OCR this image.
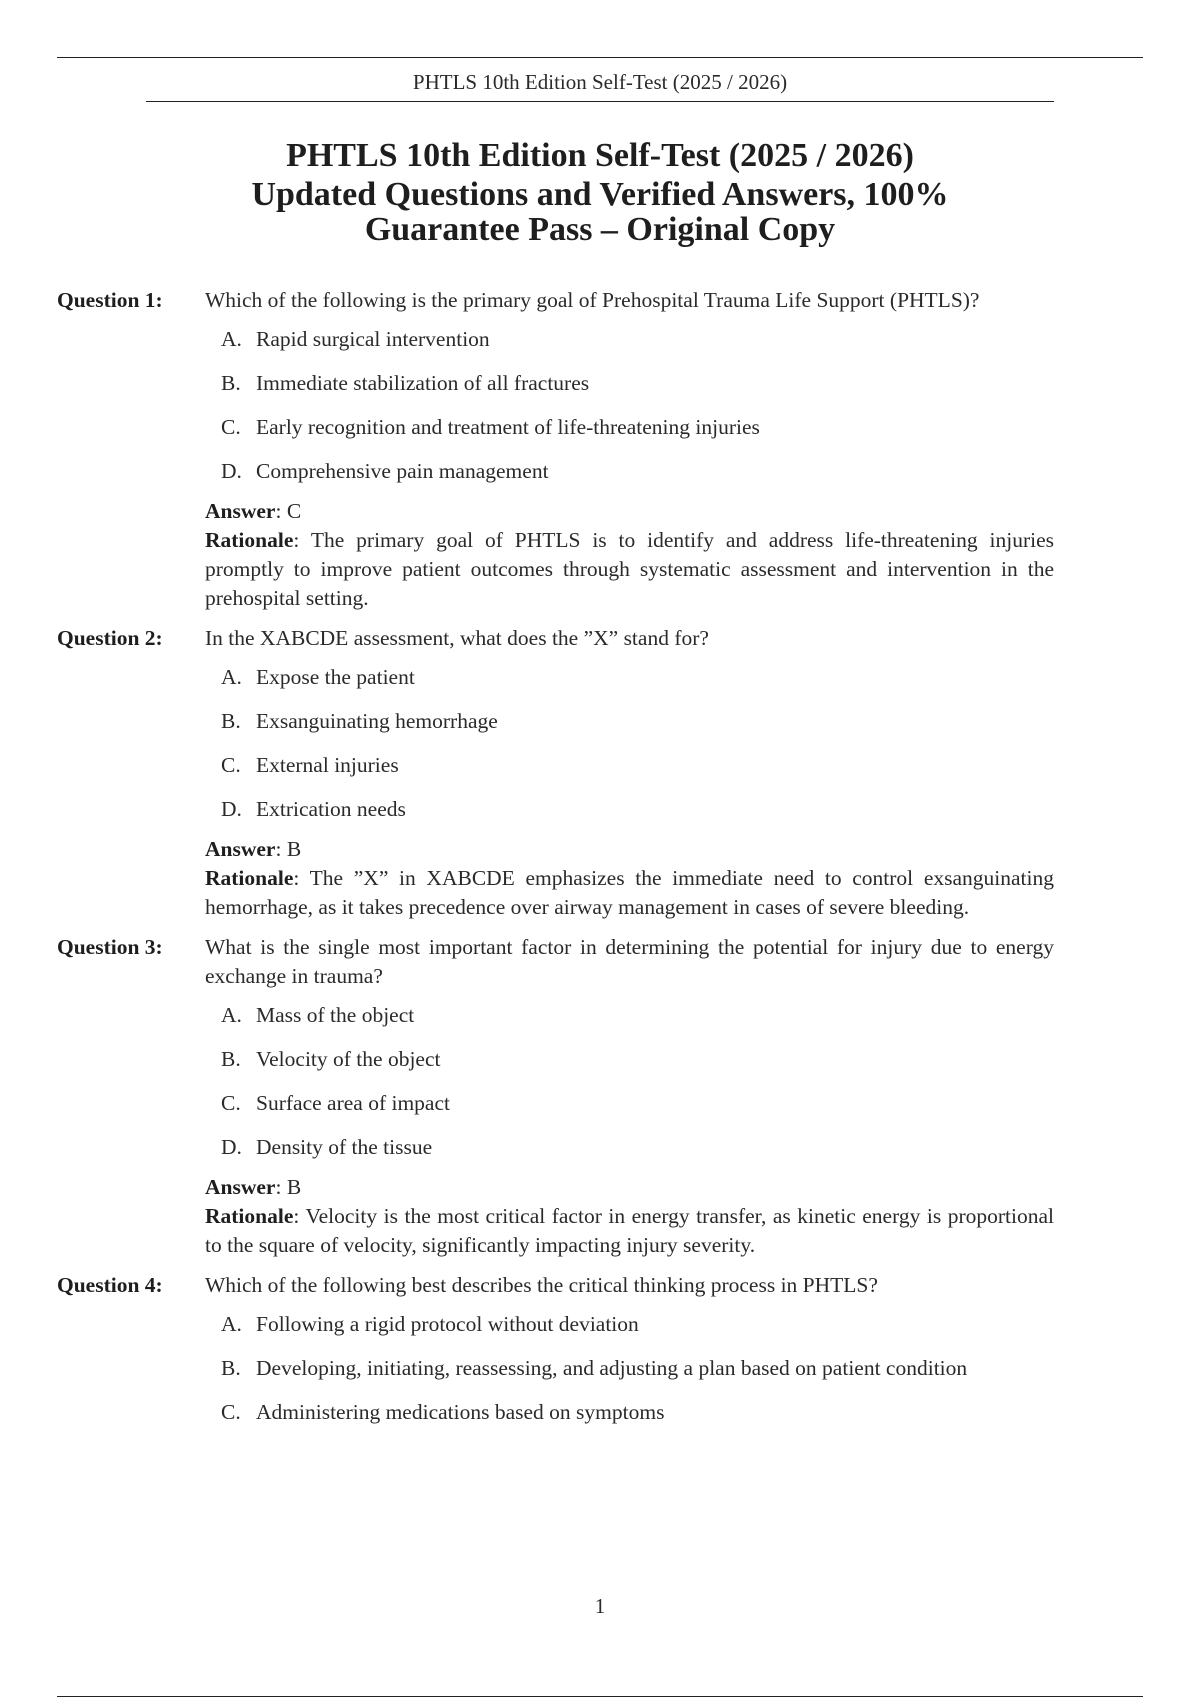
PHTLS 10th Edition Self-Test (2025 / 2026)
PHTLS 10th Edition Self-Test (2025 / 2026)
Updated Questions and Verified Answers, 100%
Guarantee Pass – Original Copy
Question 1:	Which of the following is the primary goal of Prehospital Trauma Life Support (PHTLS)?

A. Rapid surgical intervention
B. Immediate stabilization of all fractures
C. Early recognition and treatment of life-threatening injuries
D. Comprehensive pain management

Answer: C

Rationale: The primary goal of PHTLS is to identify and address life-threatening injuries promptly to improve patient outcomes through systematic assessment and intervention in the prehospital setting.

Question 2:	In the XABCDE assessment, what does the ”X” stand for?

A. Expose the patient
B. Exsanguinating hemorrhage
C. External injuries
D. Extrication needs

Answer: B

Rationale: The ”X” in XABCDE emphasizes the immediate need to control exsanguinating hemorrhage, as it takes precedence over airway management in cases of severe bleeding.

Question 3:	What is the single most important factor in determining the potential for injury due to energy exchange in trauma?

A. Mass of the object
B. Velocity of the object
C. Surface area of impact
D. Density of the tissue

Answer: B

Rationale: Velocity is the most critical factor in energy transfer, as kinetic energy is proportional to the square of velocity, significantly impacting injury severity.

Question 4:	Which of the following best describes the critical thinking process in PHTLS?

A. Following a rigid protocol without deviation
B. Developing, initiating, reassessing, and adjusting a plan based on patient condition
C. Administering medications based on symptoms
1
